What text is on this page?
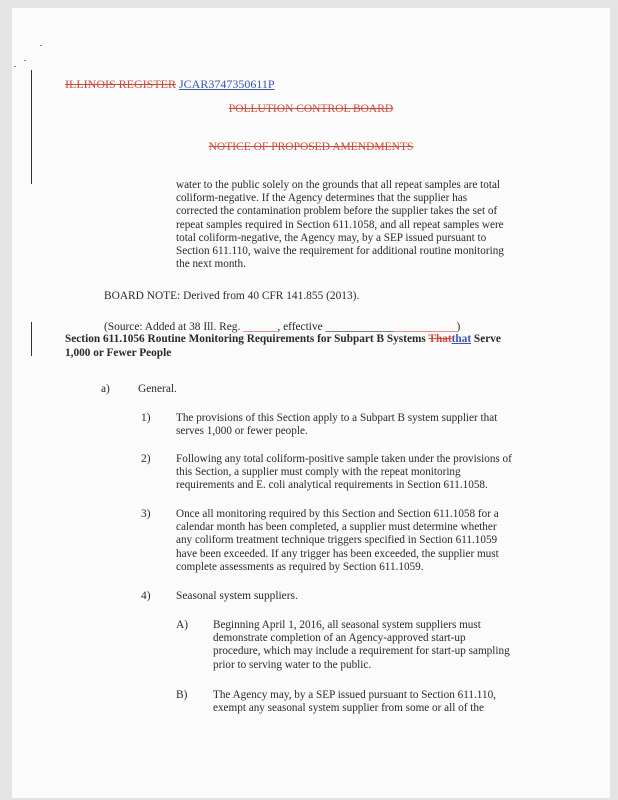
ILLINOIS REGISTER JCAR3747350611P
POLLUTION CONTROL BOARD
NOTICE OF PROPOSED AMENDMENTS
water to the public solely on the grounds that all repeat samples are total
coliform-negative. If the Agency determines that the supplier has
corrected the contamination problem before the supplier takes the set of
repeat samples required in Section 611.1058, and all repeat samples were
total coliform-negative, the Agency may, by a SEP issued pursuant to
Section 611.110, waive the requirement for additional routine monitoring
the next month.
BOARD NOTE: Derived from 40 CFR 141.855 (2013).
(Source: Added at 38 Ill. Reg. ______, effective _______________________)
Section 611.1056 Routine Monitoring Requirements for Subpart B Systems Thatthat Serve
1,000 or Fewer People
a) General.
1) The provisions of this Section apply to a Subpart B system supplier that
serves 1,000 or fewer people.
2) Following any total coliform-positive sample taken under the provisions of
this Section, a supplier must comply with the repeat monitoring
requirements and E. coli analytical requirements in Section 611.1058.
3) Once all monitoring required by this Section and Section 611.1058 for a
calendar month has been completed, a supplier must determine whether
any coliform treatment technique triggers specified in Section 611.1059
have been exceeded. If any trigger has been exceeded, the supplier must
complete assessments as required by Section 611.1059.
4) Seasonal system suppliers.
A) Beginning April 1, 2016, all seasonal system suppliers must
demonstrate completion of an Agency-approved start-up
procedure, which may include a requirement for start-up sampling
prior to serving water to the public.
B) The Agency may, by a SEP issued pursuant to Section 611.110,
exempt any seasonal system supplier from some or all of the
